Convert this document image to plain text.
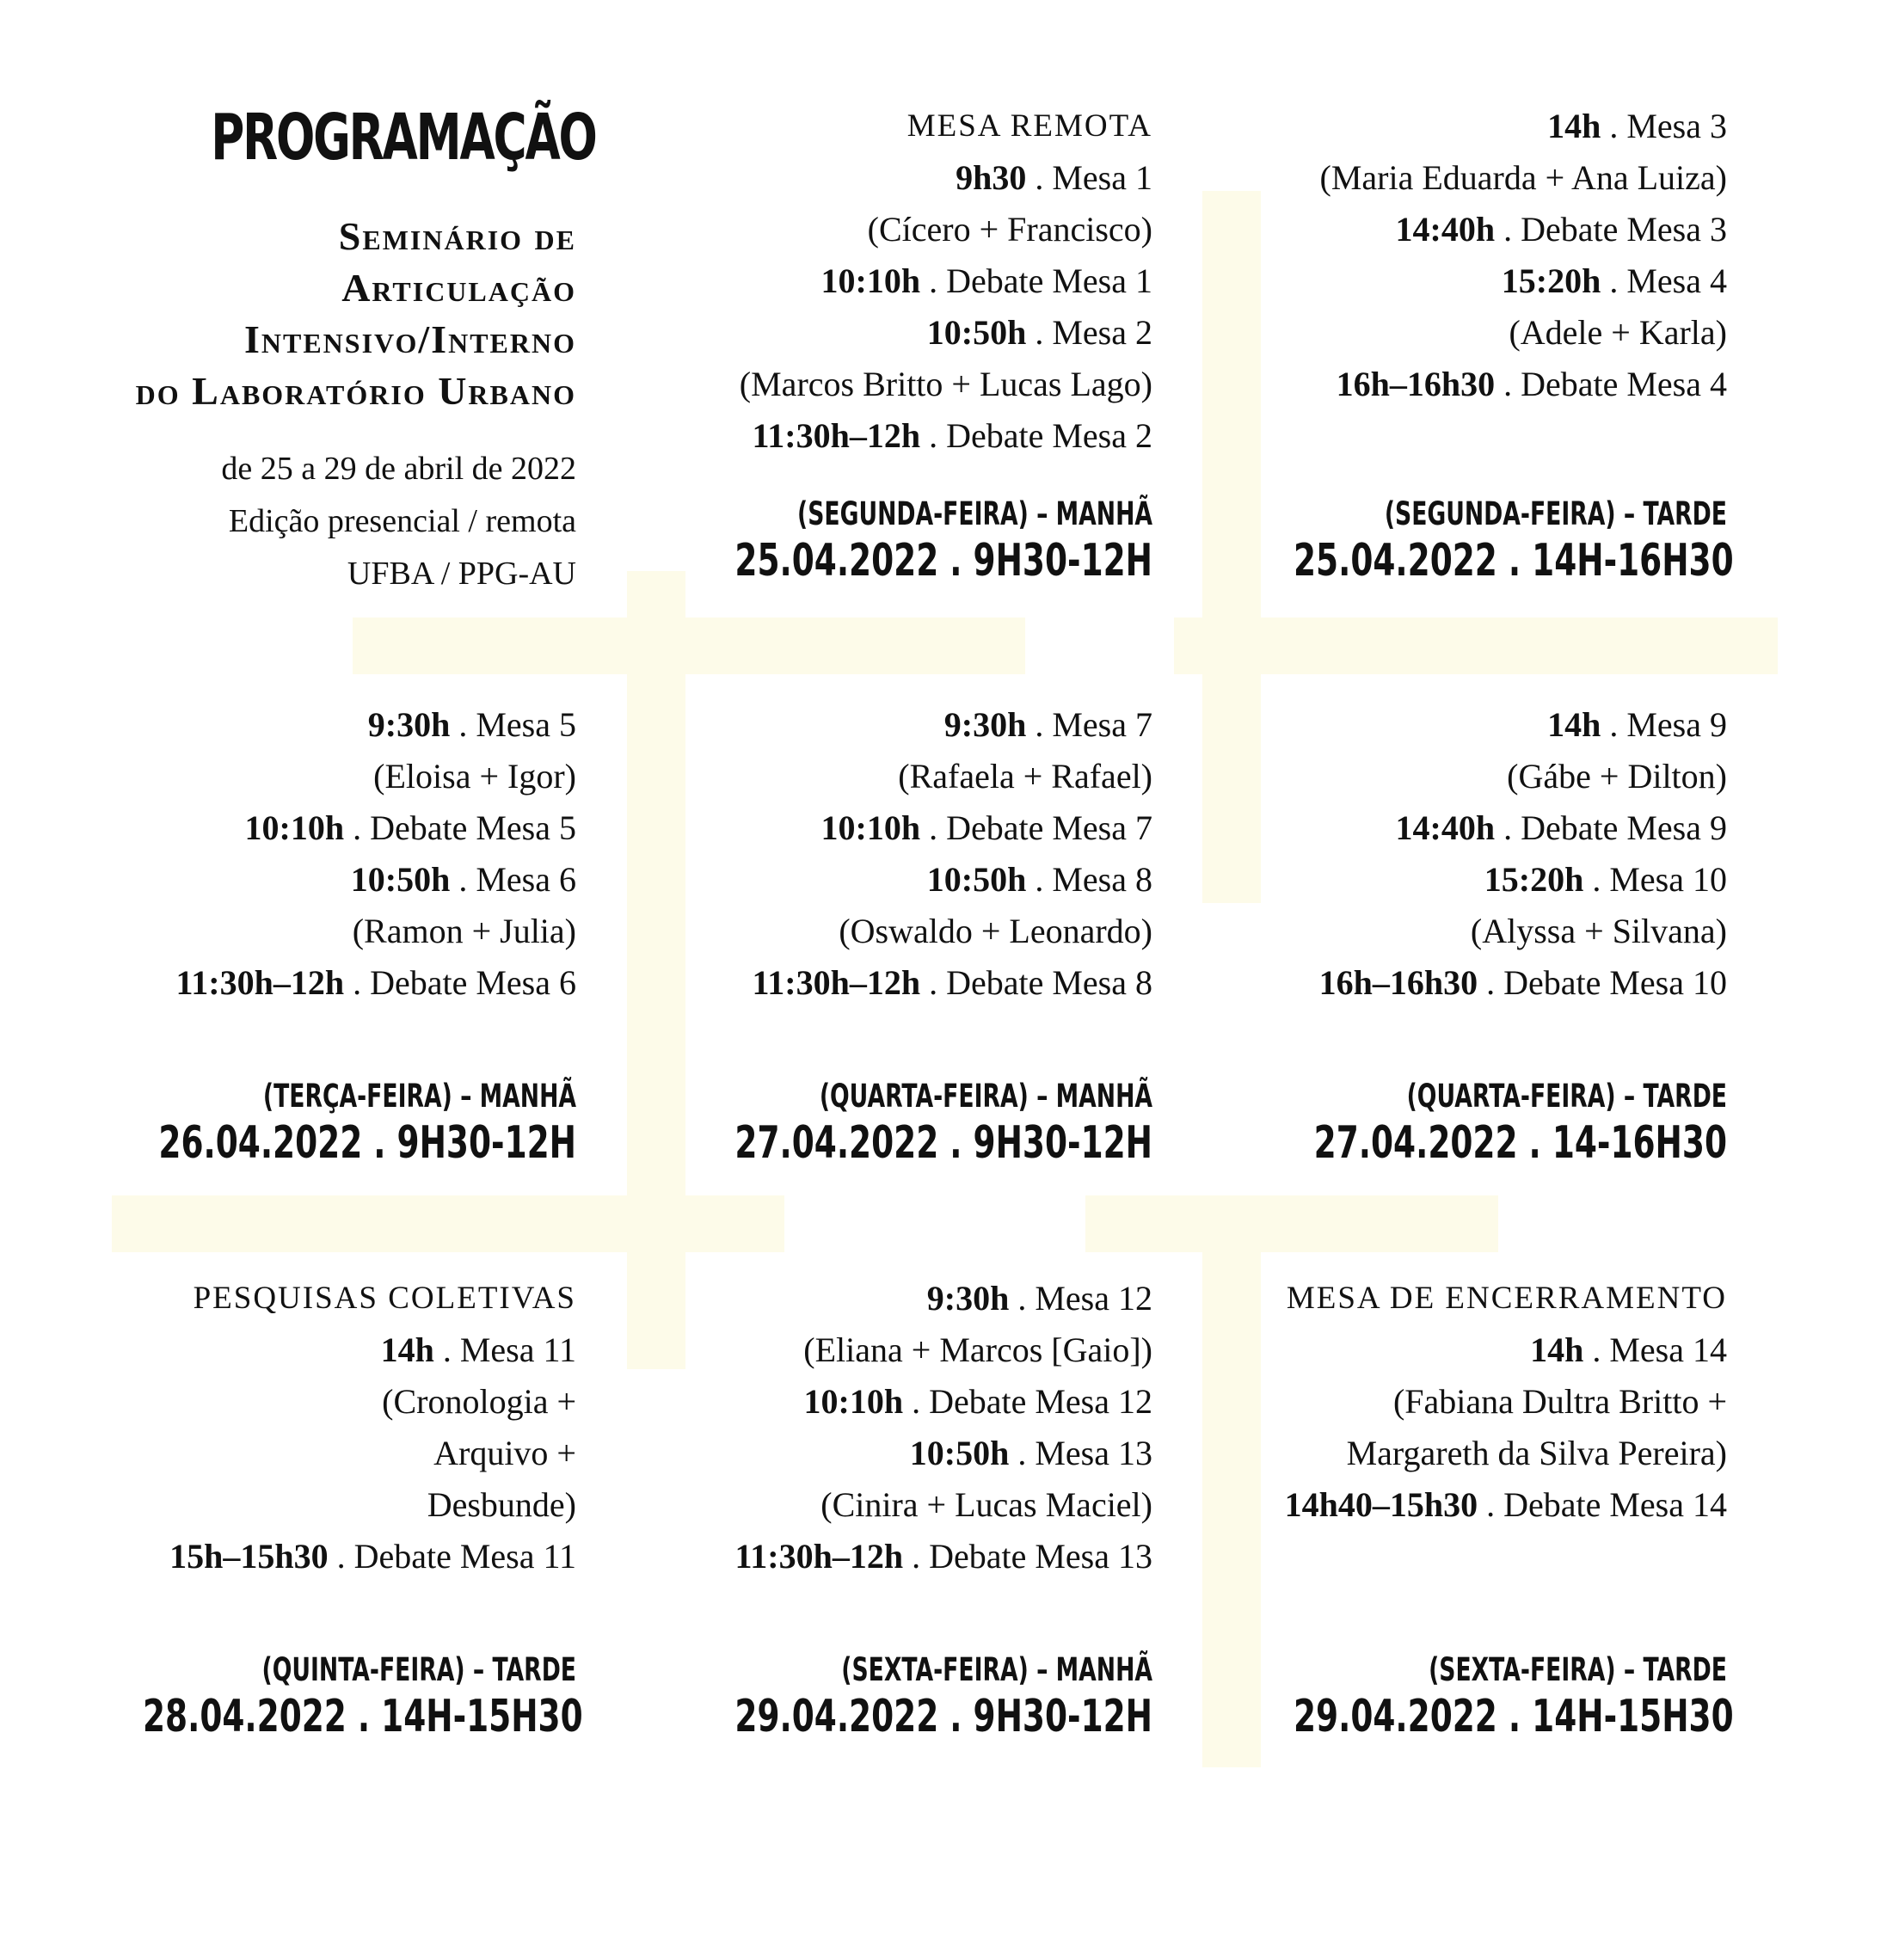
PROGRAMAÇÃO
Seminário de
Articulação
Intensivo/Interno
do Laboratório Urbano
de 25 a 29 de abril de 2022
Edição presencial / remota
UFBA / PPG-AU
MESA REMOTA
9h30 . Mesa 1
(Cícero + Francisco)
10:10h . Debate Mesa 1
10:50h . Mesa 2
(Marcos Britto + Lucas Lago)
11:30h–12h . Debate Mesa 2
(SEGUNDA-FEIRA) – MANHÃ
25.04.2022 . 9H30-12H
14h . Mesa 3
(Maria Eduarda + Ana Luiza)
14:40h . Debate Mesa 3
15:20h . Mesa 4
(Adele + Karla)
16h–16h30 . Debate Mesa 4
(SEGUNDA-FEIRA) – TARDE
25.04.2022 . 14H-16H30
9:30h . Mesa 5
(Eloisa + Igor)
10:10h . Debate Mesa 5
10:50h . Mesa 6
(Ramon + Julia)
11:30h–12h . Debate Mesa 6
(TERÇA-FEIRA) – MANHÃ
26.04.2022 . 9H30-12H
9:30h . Mesa 7
(Rafaela + Rafael)
10:10h . Debate Mesa 7
10:50h . Mesa 8
(Oswaldo + Leonardo)
11:30h–12h . Debate Mesa 8
(QUARTA-FEIRA) – MANHÃ
27.04.2022 . 9H30-12H
14h . Mesa 9
(Gábe + Dilton)
14:40h . Debate Mesa 9
15:20h . Mesa 10
(Alyssa + Silvana)
16h–16h30 . Debate Mesa 10
(QUARTA-FEIRA) – TARDE
27.04.2022 . 14-16H30
PESQUISAS COLETIVAS
14h . Mesa 11
(Cronologia +
Arquivo +
Desbunde)
15h–15h30 . Debate Mesa 11
(QUINTA-FEIRA) – TARDE
28.04.2022 . 14H-15H30
9:30h . Mesa 12
(Eliana + Marcos [Gaio])
10:10h . Debate Mesa 12
10:50h . Mesa 13
(Cinira + Lucas Maciel)
11:30h–12h . Debate Mesa 13
(SEXTA-FEIRA) – MANHÃ
29.04.2022 . 9H30-12H
MESA DE ENCERRAMENTO
14h . Mesa 14
(Fabiana Dultra Britto +
Margareth da Silva Pereira)
14h40–15h30 . Debate Mesa 14
(SEXTA-FEIRA) – TARDE
29.04.2022 . 14H-15H30
